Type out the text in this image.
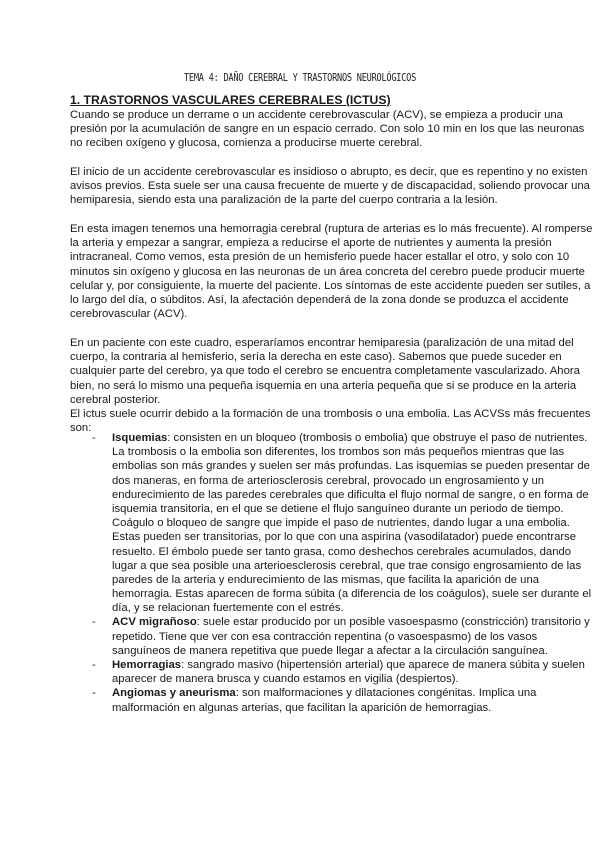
TEMA 4: DAÑO CEREBRAL Y TRASTORNOS NEUROLÓGICOS
1. TRASTORNOS VASCULARES CEREBRALES (ICTUS)
Cuando se produce un derrame o un accidente cerebrovascular (ACV), se empieza a producir una
presión por la acumulación de sangre en un espacio cerrado. Con solo 10 min en los que las neuronas
no reciben oxígeno y glucosa, comienza a producirse muerte cerebral.
El inicio de un accidente cerebrovascular es insidioso o abrupto, es decir, que es repentino y no existen
avisos previos. Esta suele ser una causa frecuente de muerte y de discapacidad, soliendo provocar una
hemiparesia, siendo esta una paralización de la parte del cuerpo contraria a la lesión.
En esta imagen tenemos una hemorragia cerebral (ruptura de arterias es lo más frecuente). Al romperse
la arteria y empezar a sangrar, empieza a reducirse el aporte de nutrientes y aumenta la presión
intracraneal. Como vemos, esta presión de un hemisferio puede hacer estallar el otro, y solo con 10
minutos sin oxígeno y glucosa en las neuronas de un área concreta del cerebro puede producir muerte
celular y, por consiguiente, la muerte del paciente. Los síntomas de este accidente pueden ser sutiles, a
lo largo del día, o súbditos. Así, la afectación dependerá de la zona donde se produzca el accidente
cerebrovascular (ACV).
En un paciente con este cuadro, esperaríamos encontrar hemiparesia (paralización de una mitad del
cuerpo, la contraria al hemisferio, sería la derecha en este caso). Sabemos que puede suceder en
cualquier parte del cerebro, ya que todo el cerebro se encuentra completamente vascularizado. Ahora
bien, no será lo mismo una pequeña isquemia en una arteria pequeña que si se produce en la arteria
cerebral posterior.
El ictus suele ocurrir debido a la formación de una trombosis o una embolia. Las ACVSs más frecuentes
son:
- Isquemias: consisten en un bloqueo (trombosis o embolia) que obstruye el paso de nutrientes.
La trombosis o la embolia son diferentes, los trombos son más pequeños mientras que las
embolias son más grandes y suelen ser más profundas. Las isquemias se pueden presentar de
dos maneras, en forma de arteriosclerosis cerebral, provocado un engrosamiento y un
endurecimiento de las paredes cerebrales que dificulta el flujo normal de sangre, o en forma de
isquemia transitoria, en el que se detiene el flujo sanguíneo durante un periodo de tiempo.
Coágulo o bloqueo de sangre que impide el paso de nutrientes, dando lugar a una embolia.
Estas pueden ser transitorias, por lo que con una aspirina (vasodilatador) puede encontrarse
resuelto. El émbolo puede ser tanto grasa, como deshechos cerebrales acumulados, dando
lugar a que sea posible una arterioesclerosis cerebral, que trae consigo engrosamiento de las
paredes de la arteria y endurecimiento de las mismas, que facilita la aparición de una
hemorragia. Estas aparecen de forma súbita (a diferencia de los coágulos), suele ser durante el
día, y se relacionan fuertemente con el estrés.
- ACV migrañoso: suele estar producido por un posible vasoespasmo (constricción) transitorio y
repetido. Tiene que ver con esa contracción repentina (o vasoespasmo) de los vasos
sanguíneos de manera repetitiva que puede llegar a afectar a la circulación sanguínea.
- Hemorragias: sangrado masivo (hipertensión arterial) que aparece de manera súbita y suelen
aparecer de manera brusca y cuando estamos en vigilia (despiertos).
- Angiomas y aneurisma: son malformaciones y dilataciones congénitas. Implica una
malformación en algunas arterias, que facilitan la aparición de hemorragias.
